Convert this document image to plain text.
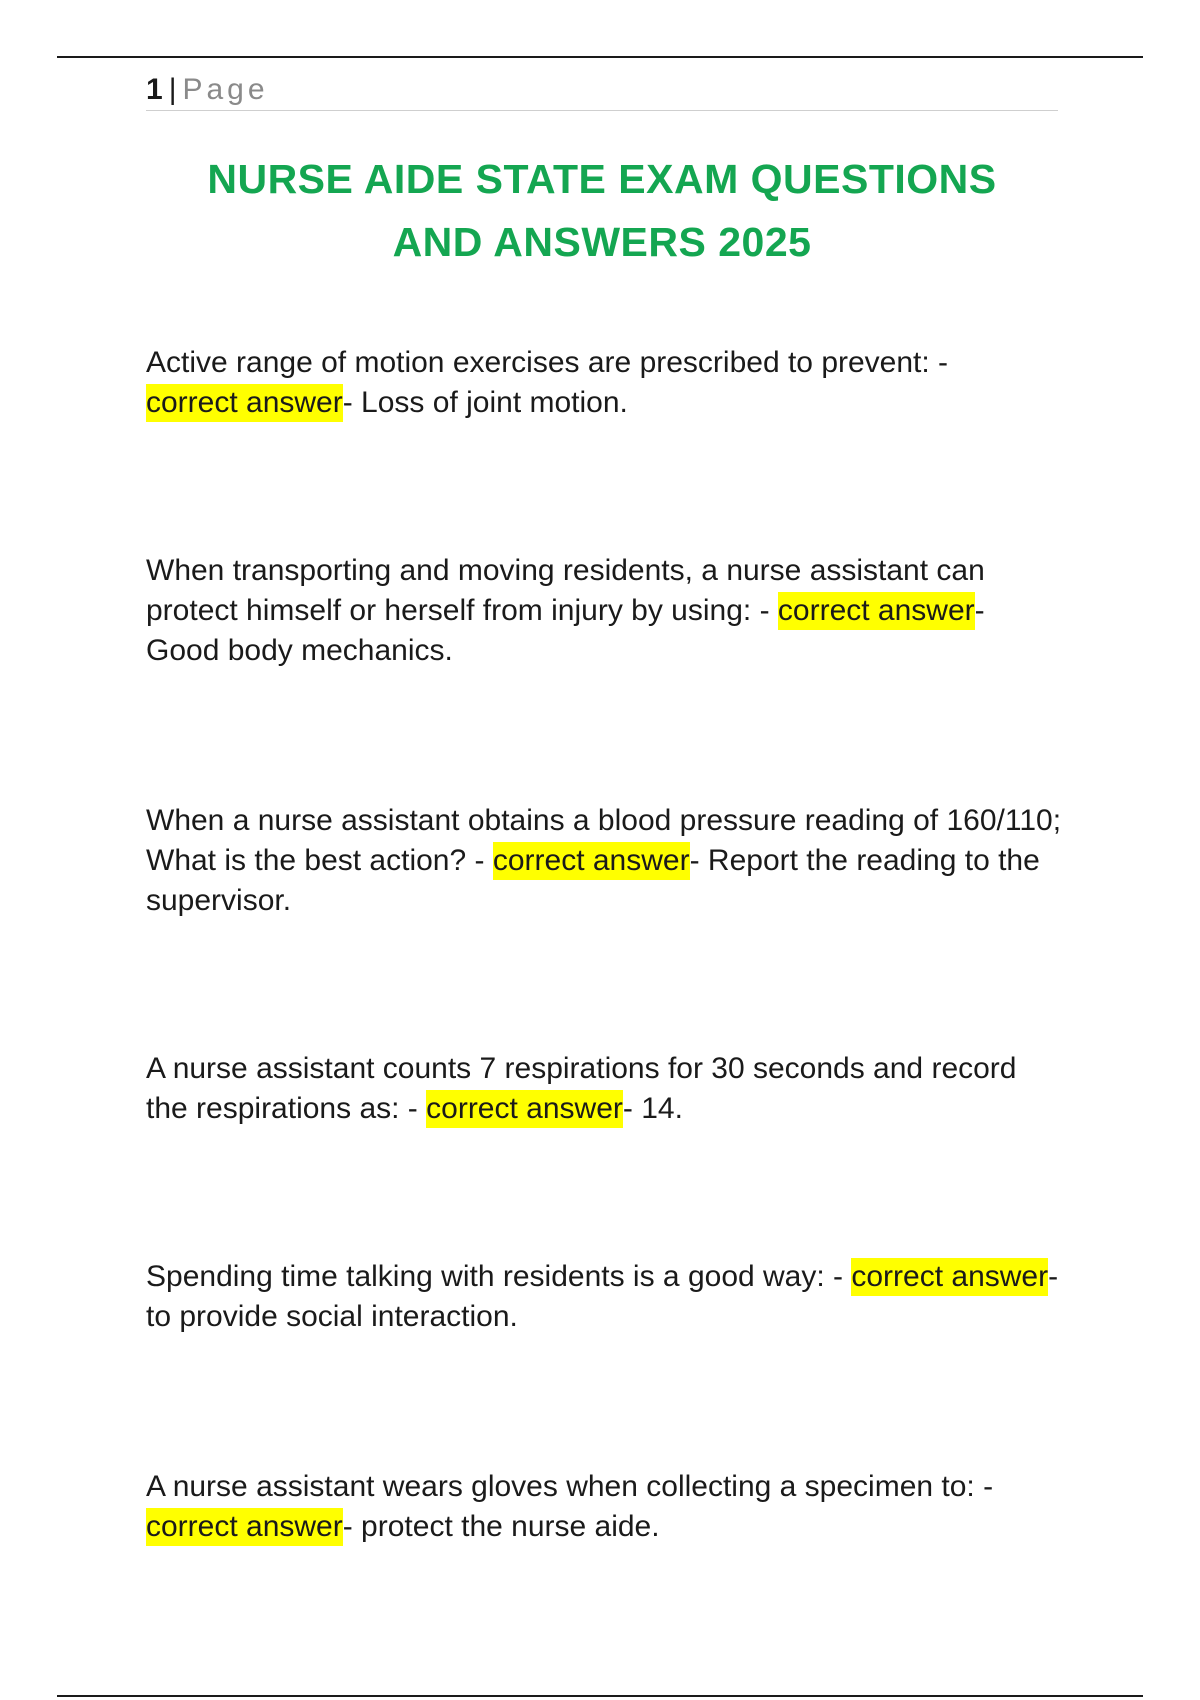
1 | Page
NURSE AIDE STATE EXAM QUESTIONS
AND ANSWERS 2025

Active range of motion exercises are prescribed to prevent: -
correct answer- Loss of joint motion.

When transporting and moving residents, a nurse assistant can protect himself or herself from injury by using: - correct answer- Good body mechanics.

When a nurse assistant obtains a blood pressure reading of 160/110; What is the best action? - correct answer- Report the reading to the supervisor.

A nurse assistant counts 7 respirations for 30 seconds and record the respirations as: - correct answer- 14.

Spending time talking with residents is a good way: - correct answer- to provide social interaction.

A nurse assistant wears gloves when collecting a specimen to: -
correct answer- protect the nurse aide.
